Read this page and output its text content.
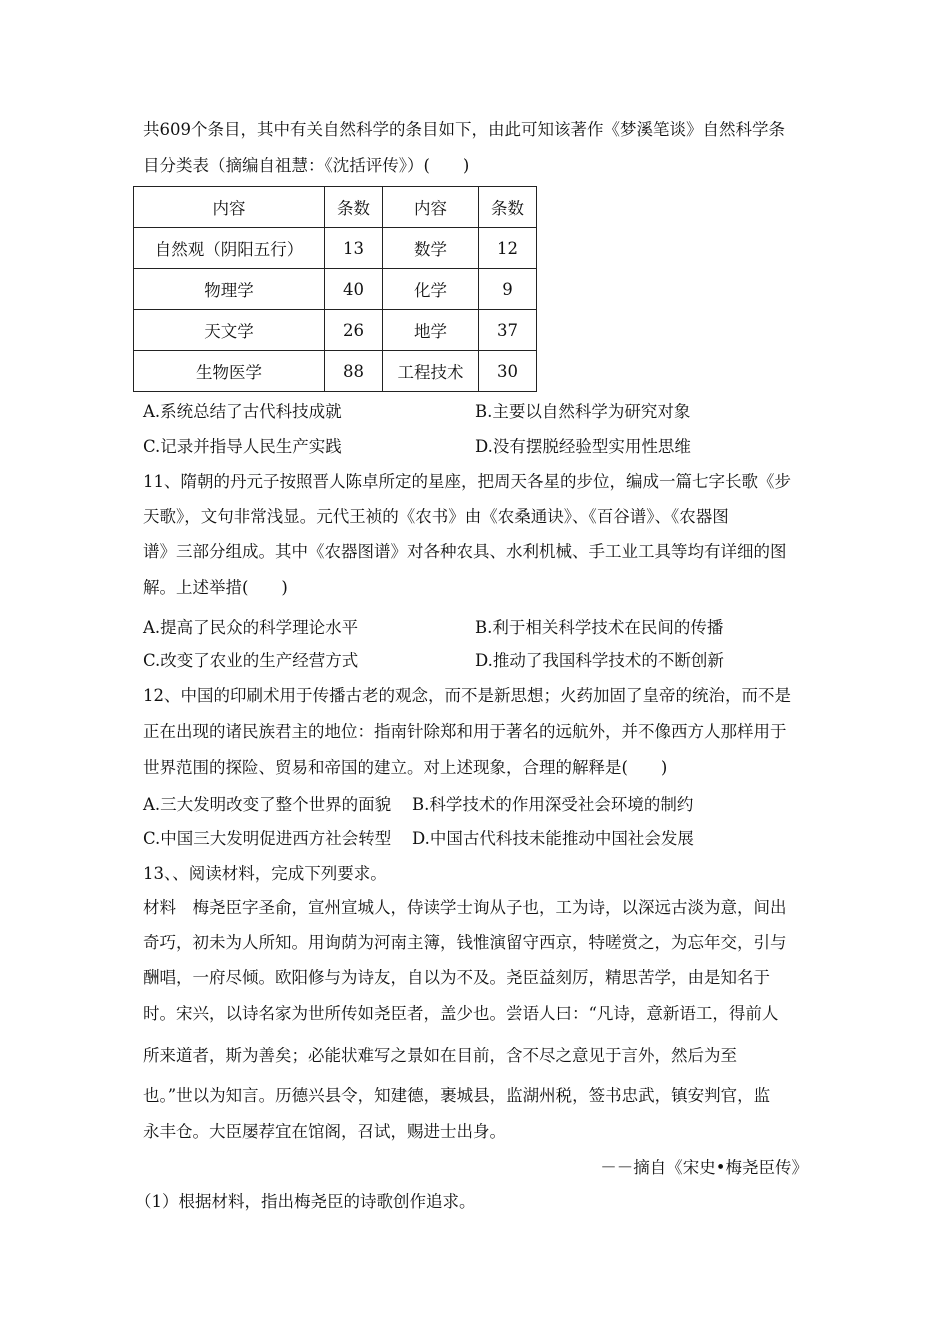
共609个条目，其中有关自然科学的条目如下，由此可知该著作《梦溪笔谈》自然科学条
目分类表（摘编自祖慧：《沈括评传》）(　　)
内容	条数	内容	条数
自然观（阴阳五行）	13	数学	12
物理学	40	化学	9
天文学	26	地学	37
生物医学	88	工程技术	30
A.系统总结了古代科技成就	B.主要以自然科学为研究对象
C.记录并指导人民生产实践	D.没有摆脱经验型实用性思维
11、隋朝的丹元子按照晋人陈卓所定的星座，把周天各星的步位，编成一篇七字长歌《步
天歌》，文句非常浅显。元代王祯的《农书》由《农桑通诀》、《百谷谱》、《农器图
谱》三部分组成。其中《农器图谱》对各种农具、水利机械、手工业工具等均有详细的图
解。上述举措(　　)
A.提高了民众的科学理论水平	B.利于相关科学技术在民间的传播
C.改变了农业的生产经营方式	D.推动了我国科学技术的不断创新
12、中国的印刷术用于传播古老的观念，而不是新思想；火药加固了皇帝的统治，而不是
正在出现的诸民族君主的地位：指南针除郑和用于著名的远航外，并不像西方人那样用于
世界范围的探险、贸易和帝国的建立。对上述现象，合理的解释是(　　)
A.三大发明改变了整个世界的面貌 B.科学技术的作用深受社会环境的制约
C.中国三大发明促进西方社会转型 D.中国古代科技未能推动中国社会发展
13、、阅读材料，完成下列要求。
材料　梅尧臣字圣俞，宣州宣城人，侍读学士询从子也，工为诗，以深远古淡为意，间出
奇巧，初未为人所知。用询荫为河南主簿，钱惟演留守西京，特嗟赏之，为忘年交，引与
酬唱，一府尽倾。欧阳修与为诗友，自以为不及。尧臣益刻厉，精思苦学，由是知名于
时。宋兴，以诗名家为世所传如尧臣者，盖少也。尝语人曰：“凡诗，意新语工，得前人
所来道者，斯为善矣；必能状难写之景如在目前，含不尽之意见于言外，然后为至
也。”世以为知言。历德兴县令，知建德，裹城县，监湖州税，签书忠武，镇安判官，监
永丰仓。大臣屡荐宜在馆阁，召试，赐进士出身。
－－摘自《宋史•梅尧臣传》
（1）根据材料，指出梅尧臣的诗歌创作追求。
